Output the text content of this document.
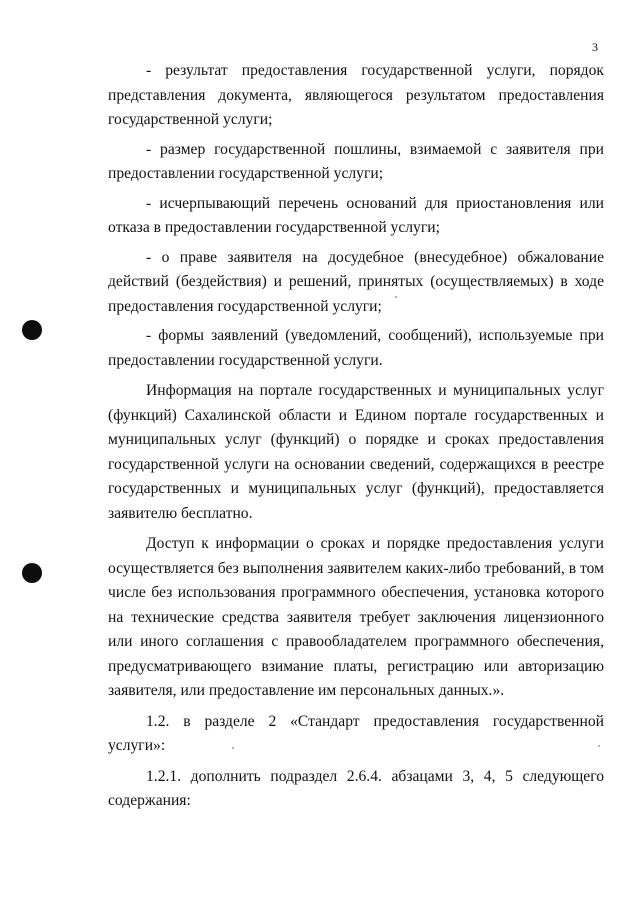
3

- результат предоставления государственной услуги, порядок представления документа, являющегося результатом предоставления государственной услуги;

- размер государственной пошлины, взимаемой с заявителя при предоставлении государственной услуги;

- исчерпывающий перечень оснований для приостановления или отказа в предоставлении государственной услуги;

- о праве заявителя на досудебное (внесудебное) обжалование действий (бездействия) и решений, принятых (осуществляемых) в ходе предоставления государственной услуги;

- формы заявлений (уведомлений, сообщений), используемые при предоставлении государственной услуги.

Информация на портале государственных и муниципальных услуг (функций) Сахалинской области и Едином портале государственных и муниципальных услуг (функций) о порядке и сроках предоставления государственной услуги на основании сведений, содержащихся в реестре государственных и муниципальных услуг (функций), предоставляется заявителю бесплатно.

Доступ к информации о сроках и порядке предоставления услуги осуществляется без выполнения заявителем каких-либо требований, в том числе без использования программного обеспечения, установка которого на технические средства заявителя требует заключения лицензионного или иного соглашения с правообладателем программного обеспечения, предусматривающего взимание платы, регистрацию или авторизацию заявителя, или предоставление им персональных данных.».

1.2. в разделе 2 «Стандарт предоставления государственной услуги»:

1.2.1. дополнить подраздел 2.6.4. абзацами 3, 4, 5 следующего содержания:
